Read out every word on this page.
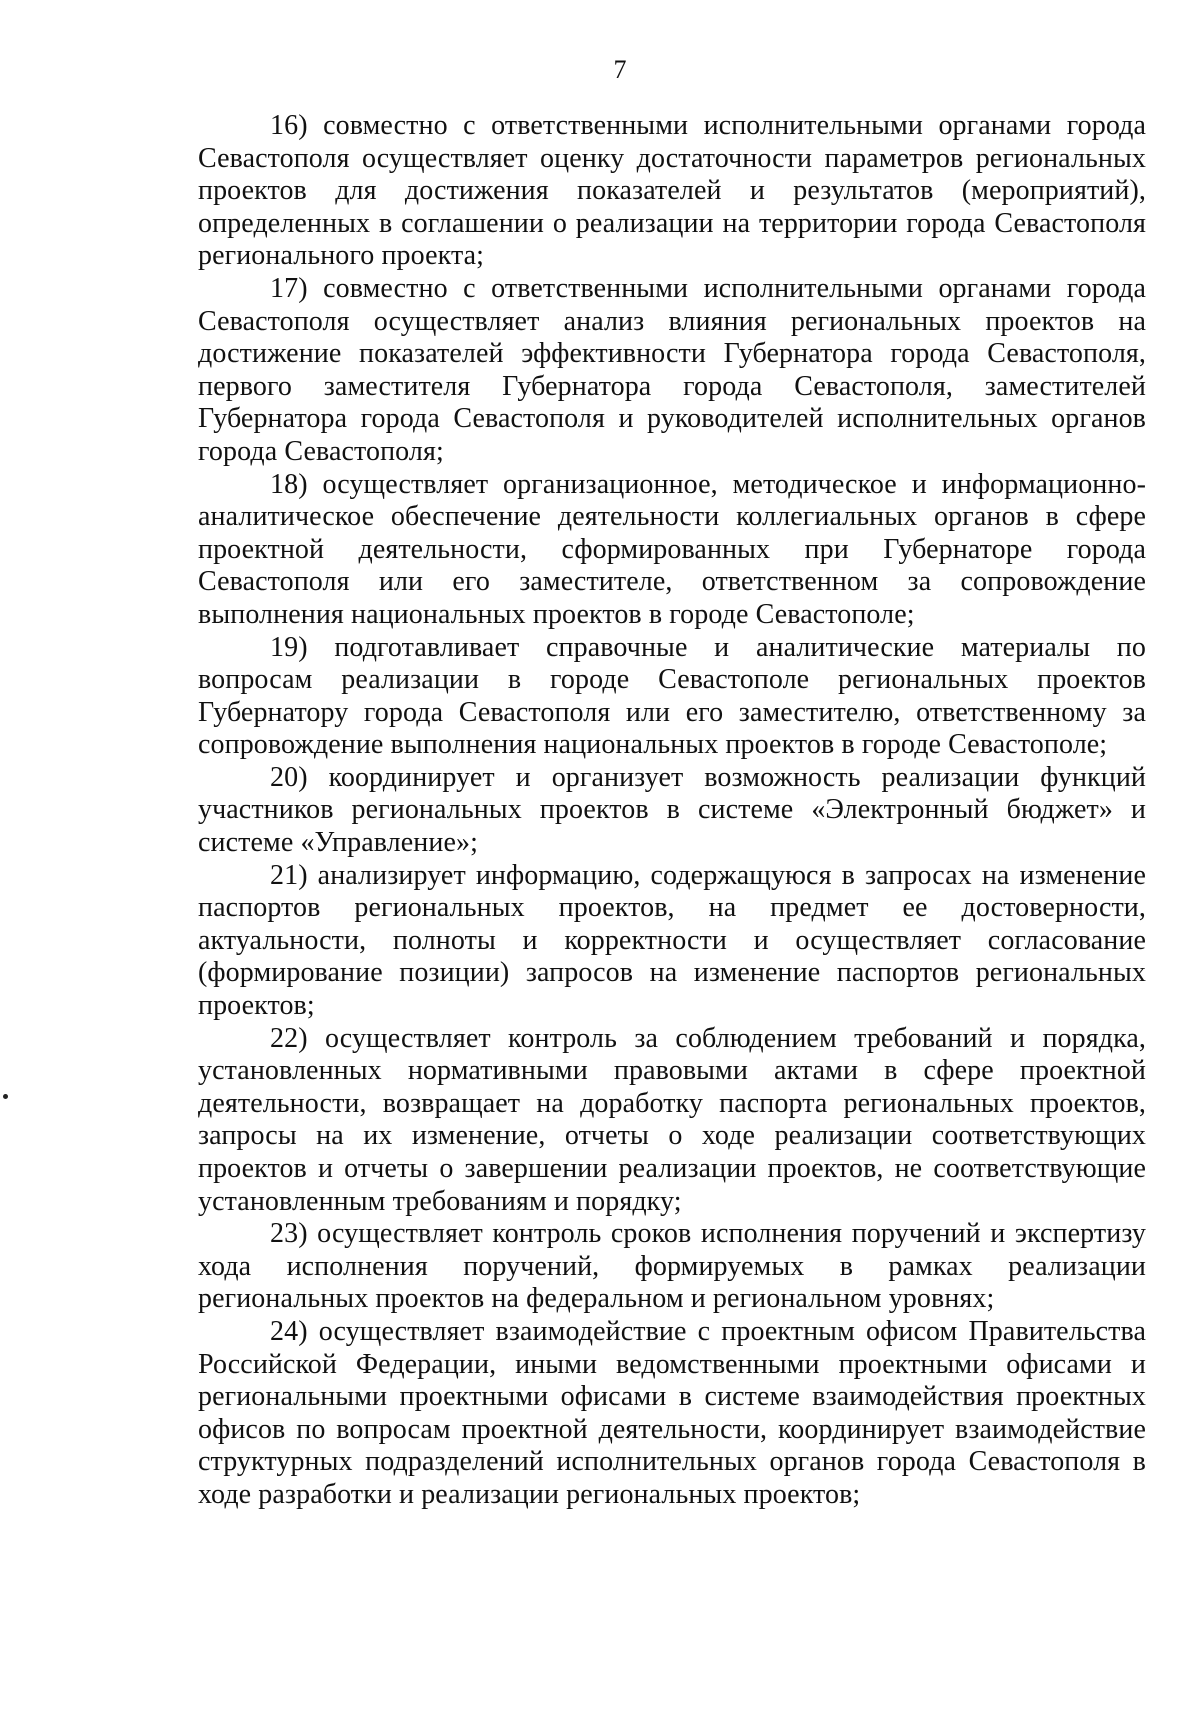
7

16) совместно с ответственными исполнительными органами города Севастополя осуществляет оценку достаточности параметров региональных проектов для достижения показателей и результатов (мероприятий), определенных в соглашении о реализации на территории города Севастополя регионального проекта;

17) совместно с ответственными исполнительными органами города Севастополя осуществляет анализ влияния региональных проектов на достижение показателей эффективности Губернатора города Севастополя, первого заместителя Губернатора города Севастополя, заместителей Губернатора города Севастополя и руководителей исполнительных органов города Севастополя;

18) осуществляет организационное, методическое и информационно-аналитическое обеспечение деятельности коллегиальных органов в сфере проектной деятельности, сформированных при Губернаторе города Севастополя или его заместителе, ответственном за сопровождение выполнения национальных проектов в городе Севастополе;

19) подготавливает справочные и аналитические материалы по вопросам реализации в городе Севастополе региональных проектов Губернатору города Севастополя или его заместителю, ответственному за сопровождение выполнения национальных проектов в городе Севастополе;

20) координирует и организует возможность реализации функций участников региональных проектов в системе «Электронный бюджет» и системе «Управление»;

21) анализирует информацию, содержащуюся в запросах на изменение паспортов региональных проектов, на предмет ее достоверности, актуальности, полноты и корректности и осуществляет согласование (формирование позиции) запросов на изменение паспортов региональных проектов;

22) осуществляет контроль за соблюдением требований и порядка, установленных нормативными правовыми актами в сфере проектной деятельности, возвращает на доработку паспорта региональных проектов, запросы на их изменение, отчеты о ходе реализации соответствующих проектов и отчеты о завершении реализации проектов, не соответствующие установленным требованиям и порядку;

23) осуществляет контроль сроков исполнения поручений и экспертизу хода исполнения поручений, формируемых в рамках реализации региональных проектов на федеральном и региональном уровнях;

24) осуществляет взаимодействие с проектным офисом Правительства Российской Федерации, иными ведомственными проектными офисами и региональными проектными офисами в системе взаимодействия проектных офисов по вопросам проектной деятельности, координирует взаимодействие структурных подразделений исполнительных органов города Севастополя в ходе разработки и реализации региональных проектов;
